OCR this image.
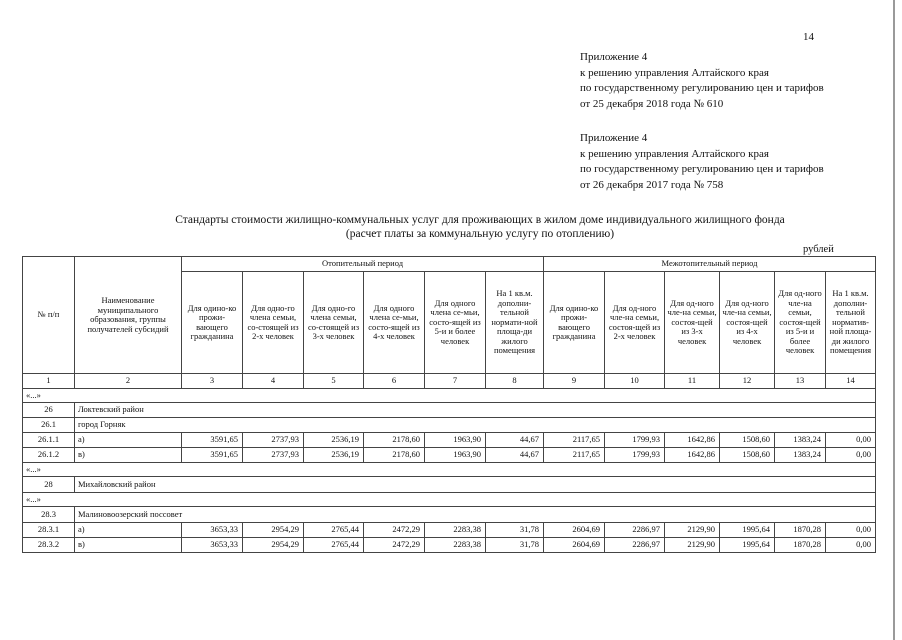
14
Приложение 4
к решению управления Алтайского края
по государственному регулированию цен и тарифов
от 25 декабря 2018 года № 610
Приложение 4
к решению управления Алтайского края
по государственному регулированию цен и тарифов
от 26 декабря 2017 года № 758
Стандарты стоимости жилищно-коммунальных услуг для проживающих в жилом доме индивидуального жилищного фонда
(расчет платы за коммунальную услугу по отоплению)
рублей
№ п/п	Наименование муниципального образования, группы получателей субсидий	Отопительный период						Межотопительный период					
		Для одино-ко прожи-вающего гражданина	Для одно-го члена семьи, со-стоящей из 2-х человек	Для одно-го члена семьи, со-стоящей из 3-х человек	Для одного члена се-мьи, состо-ящей из 4-х человек	Для одного члена се-мьи, состо-ящей из 5-и и более человек	На 1 кв.м. дополни-тельной нормати-ной площа-ди жилого помещения	Для одино-ко прожи-вающего гражданина	Для од-ного чле-на семьи, состоя-щей из 2-х человек	Для од-ного чле-на семьи, состоя-щей из 3-х человек	Для од-ного чле-на семьи, состоя-щей из 4-х человек	Для од-ного чле-на семьи, состоя-щей из 5-и и более человек	На 1 кв.м. дополни-тельной норматив-ной площа-ди жилого помещения
1	2	3	4	5	6	7	8	9	10	11	12	13	14
«...»													
26	Локтевский район												
26.1	город Горняк												
26.1.1	а)	3591,65	2737,93	2536,19	2178,60	1963,90	44,67	2117,65	1799,93	1642,86	1508,60	1383,24	0,00
26.1.2	в)	3591,65	2737,93	2536,19	2178,60	1963,90	44,67	2117,65	1799,93	1642,86	1508,60	1383,24	0,00
«...»													
28	Михайловский район												
«...»													
28.3	Малиновоозерский поссовет												
28.3.1	а)	3653,33	2954,29	2765,44	2472,29	2283,38	31,78	2604,69	2286,97	2129,90	1995,64	1870,28	0,00
28.3.2	в)	3653,33	2954,29	2765,44	2472,29	2283,38	31,78	2604,69	2286,97	2129,90	1995,64	1870,28	0,00
